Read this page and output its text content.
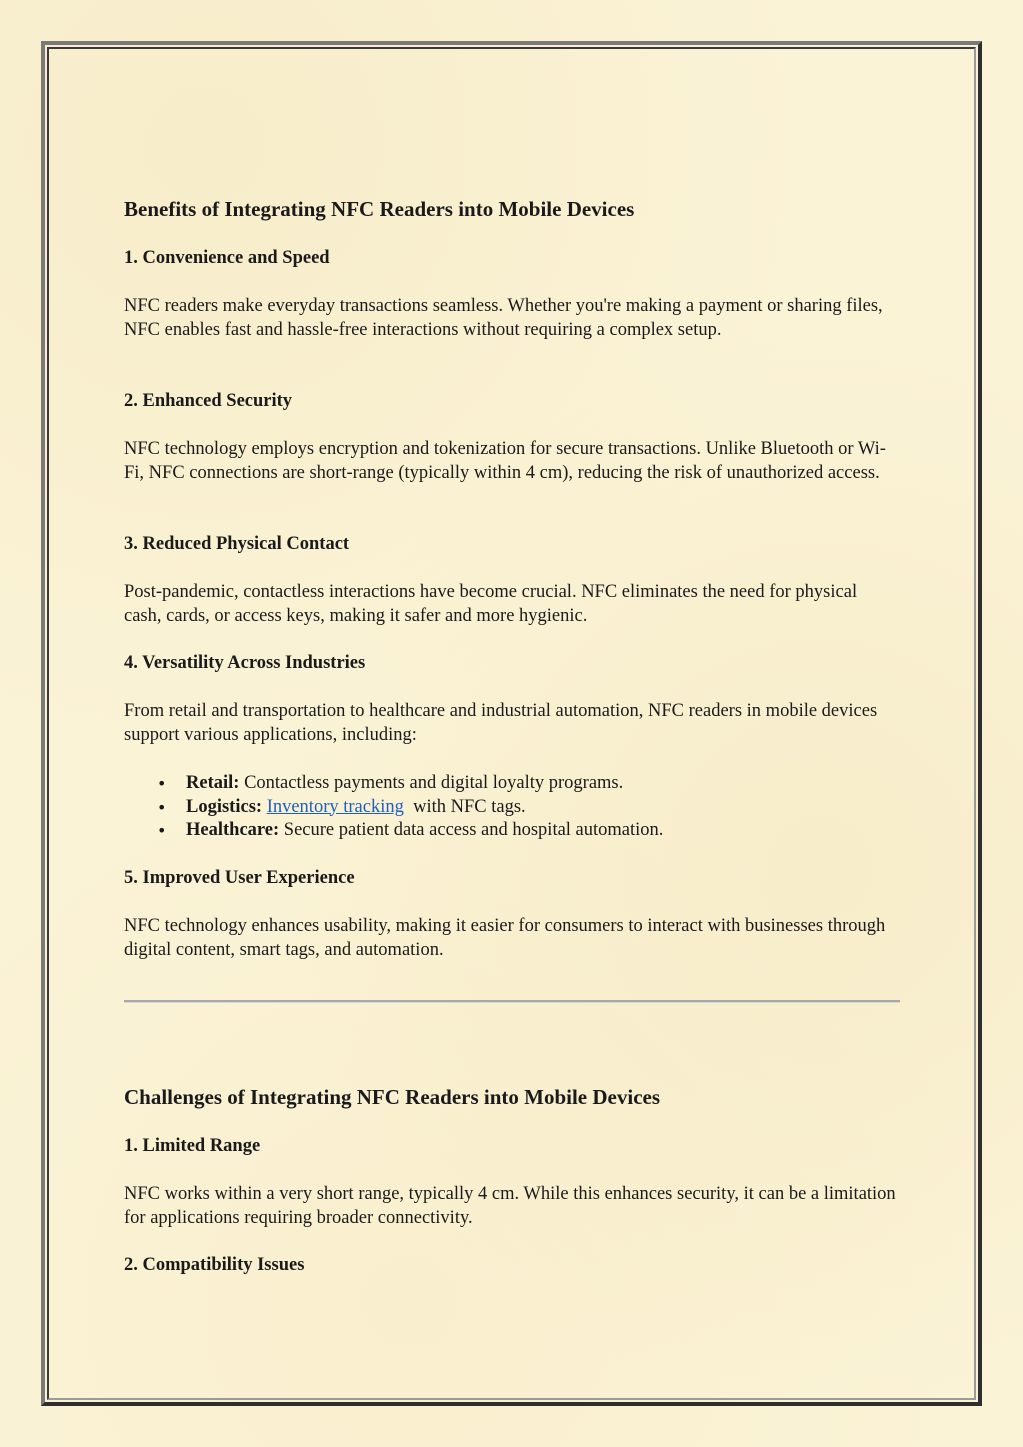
Benefits of Integrating NFC Readers into Mobile Devices
1. Convenience and Speed

NFC readers make everyday transactions seamless. Whether you're making a payment or sharing files, NFC enables fast and hassle-free interactions without requiring a complex setup.

2. Enhanced Security

NFC technology employs encryption and tokenization for secure transactions. Unlike Bluetooth or Wi-Fi, NFC connections are short-range (typically within 4 cm), reducing the risk of unauthorized access.

3. Reduced Physical Contact

Post-pandemic, contactless interactions have become crucial. NFC eliminates the need for physical cash, cards, or access keys, making it safer and more hygienic.

4. Versatility Across Industries

From retail and transportation to healthcare and industrial automation, NFC readers in mobile devices support various applications, including:

• Retail: Contactless payments and digital loyalty programs.
• Logistics: Inventory tracking  with NFC tags.
• Healthcare: Secure patient data access and hospital automation.
5. Improved User Experience

NFC technology enhances usability, making it easier for consumers to interact with businesses through digital content, smart tags, and automation.

Challenges of Integrating NFC Readers into Mobile Devices
1. Limited Range

NFC works within a very short range, typically 4 cm. While this enhances security, it can be a limitation for applications requiring broader connectivity.

2. Compatibility Issues
